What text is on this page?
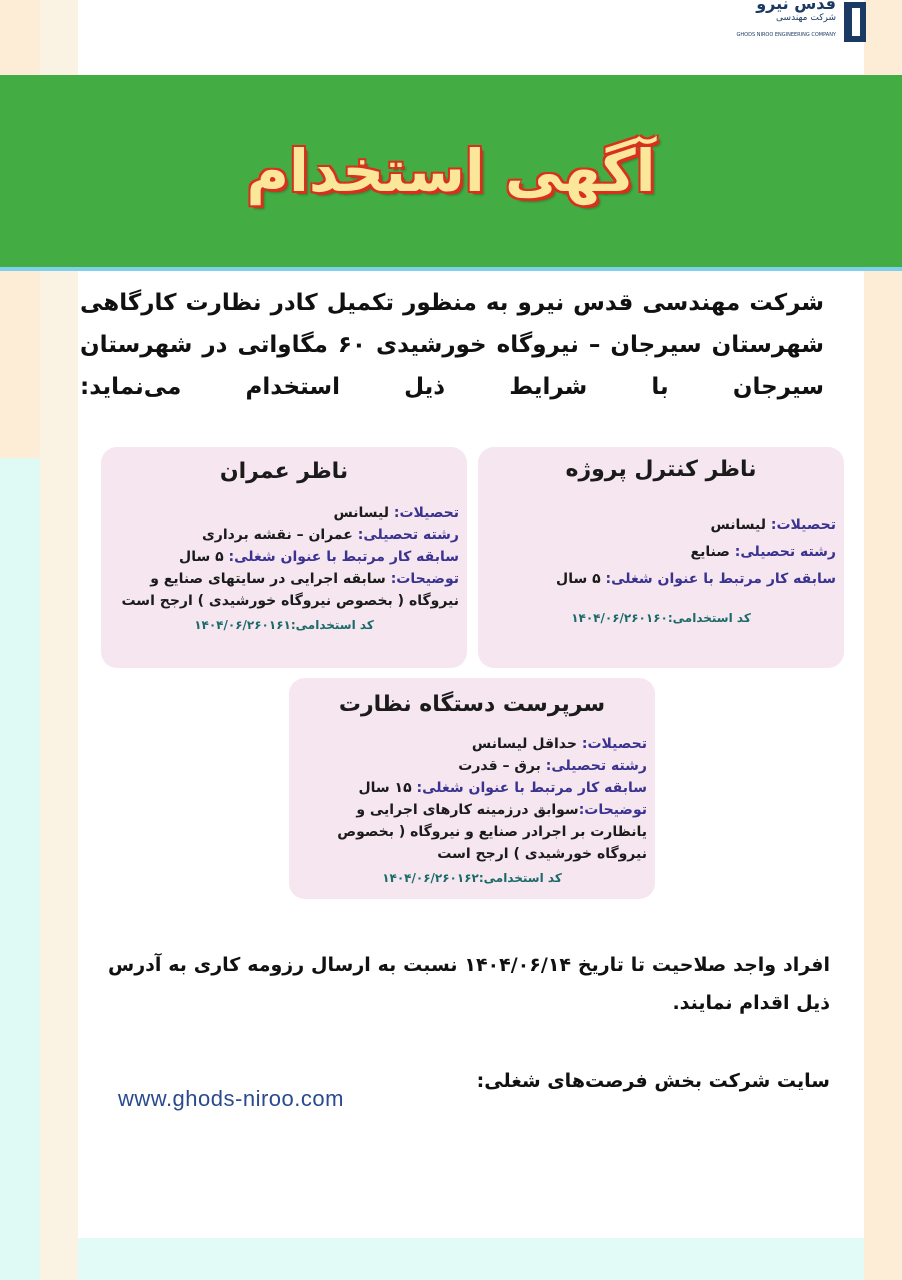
قدس نیرو
شرکت مهندسی
GHODS NIROO ENGINEERING COMPANY
آگهی استخدام
شرکت مهندسی قدس نیرو به منظور تکمیل کادر نظارت کارگاهی شهرستان سیرجان – نیروگاه خورشیدی ۶۰ مگاواتی در شهرستان سیرجان با شرایط ذیل استخدام می‌نماید:
ناظر کنترل پروژه
تحصیلات: لیسانس
رشته تحصیلی: صنایع
سابقه کار مرتبط با عنوان شغلی: ۵ سال
کد استخدامی:۱۴۰۴/۰۶/۲۶۰۱۶۰
ناظر عمران
تحصیلات: لیسانس
رشته تحصیلی: عمران – نقشه برداری
سابقه کار مرتبط با عنوان شغلی: ۵ سال
توضیحات: سابقه اجرایی در سایتهای صنایع و نیروگاه ( بخصوص نیروگاه خورشیدی ) ارجح است
کد استخدامی:۱۴۰۴/۰۶/۲۶۰۱۶۱
سرپرست دستگاه نظارت
تحصیلات: حداقل لیسانس
رشته تحصیلی: برق – قدرت
سابقه کار مرتبط با عنوان شغلی: ۱۵ سال
توضیحات:سوابق درزمینه کارهای اجرایی و یانظارت بر اجرادر صنایع و نیروگاه ( بخصوص نیروگاه خورشیدی ) ارجح است
کد استخدامی:۱۴۰۴/۰۶/۲۶۰۱۶۲
افراد واجد صلاحیت تا تاریخ ۱۴۰۴/۰۶/۱۴ نسبت به ارسال رزومه کاری به آدرس ذیل اقدام نمایند.
سایت شرکت بخش فرصت‌های شغلی:
www.ghods-niroo.com
